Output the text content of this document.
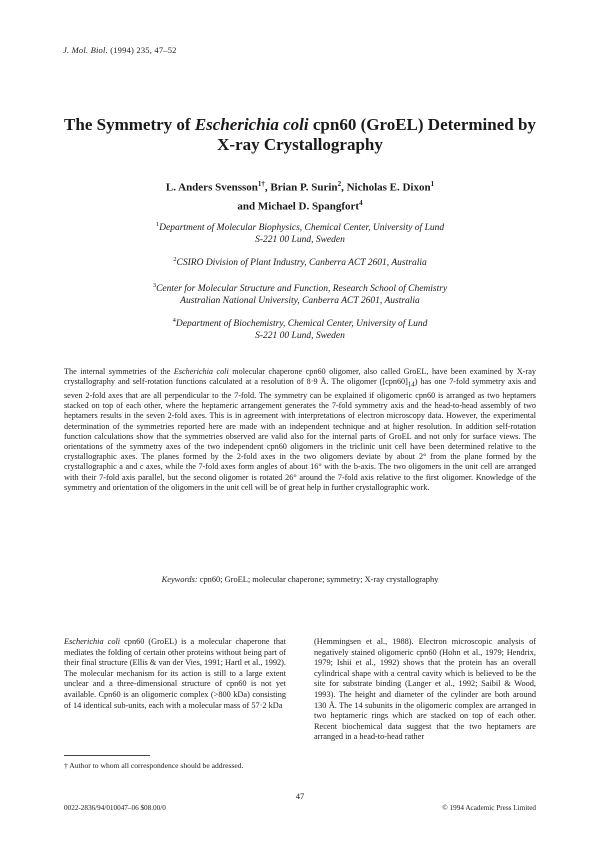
J. Mol. Biol. (1994) 235, 47–52
The Symmetry of Escherichia coli cpn60 (GroEL) Determined by X-ray Crystallography
L. Anders Svensson$^{1\dagger}$, Brian P. Surin$^2$, Nicholas E. Dixon$^1$
and Michael D. Spangfort$^4$
$^1$Department of Molecular Biophysics, Chemical Center, University of Lund
S-221 00 Lund, Sweden
$^2$CSIRO Division of Plant Industry, Canberra ACT 2601, Australia
$^3$Center for Molecular Structure and Function, Research School of Chemistry
Australian National University, Canberra ACT 2601, Australia
$^4$Department of Biochemistry, Chemical Center, University of Lund
S-221 00 Lund, Sweden
The internal symmetries of the Escherichia coli molecular chaperone cpn60 oligomer, also called GroEL, have been examined by X-ray crystallography and self-rotation functions calculated at a resolution of 8·9 Å. The oligomer $([cpn60]_{14})$ has one 7-fold symmetry axis and seven 2-fold axes that are all perpendicular to the 7-fold. The symmetry can be explained if oligomeric cpn60 is arranged as two heptamers stacked on top of each other, where the heptameric arrangement generates the 7-fold symmetry axis and the head-to-head assembly of two heptamers results in the seven 2-fold axes. This is in agreement with interpretations of electron microscopy data. However, the experimental determination of the symmetries reported here are made with an independent technique and at higher resolution. In addition self-rotation function calculations show that the symmetries observed are valid also for the internal parts of GroEL and not only for surface views. The orientations of the symmetry axes of the two independent cpn60 oligomers in the triclinic unit cell have been determined relative to the crystallographic axes. The planes formed by the 2-fold axes in the two oligomers deviate by about 2° from the plane formed by the crystallographic a and c axes, while the 7-fold axes form angles of about 16° with the b-axis. The two oligomers in the unit cell are arranged with their 7-fold axis parallel, but the second oligomer is rotated 26° around the 7-fold axis relative to the first oligomer. Knowledge of the symmetry and orientation of the oligomers in the unit cell will be of great help in further crystallographic work.
Keywords: cpn60; GroEL; molecular chaperone; symmetry; X-ray crystallography
Escherichia coli cpn60 (GroEL) is a molecular chaperone that mediates the folding of certain other proteins without being part of their final structure (Ellis & van der Vies, 1991; Hartl et al., 1992). The molecular mechanism for its action is still to a large extent unclear and a three-dimensional structure of cpn60 is not yet available. Cpn60 is an oligomeric complex (>800 kDa) consisting of 14 identical sub-units, each with a molecular mass of 57·2 kDa
(Hemmingsen et al., 1988). Electron microscopic analysis of negatively stained oligomeric cpn60 (Hohn et al., 1979; Hendrix, 1979; Ishii et al., 1992) shows that the protein has an overall cylindrical shape with a central cavity which is believed to be the site for substrate binding (Langer et al., 1992; Saibil & Wood, 1993). The height and diameter of the cylinder are both around 130 Å. The 14 subunits in the oligomeric complex are arranged in two heptameric rings which are stacked on top of each other. Recent biochemical data suggest that the two heptamers are arranged in a head-to-head rather
† Author to whom all correspondence should be addressed.
47
0022-2836/94/010047–06 $08.00/0	© 1994 Academic Press Limited
